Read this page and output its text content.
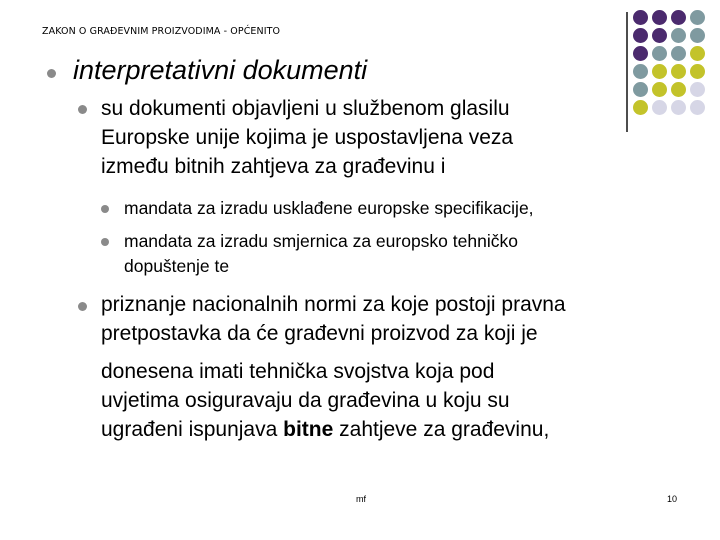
ZAKON O GRAĐEVNIM PROIZVODIMA - OPĆENITO
interpretativni dokumenti
su dokumenti objavljeni u službenom glasilu
Europske unije kojima je uspostavljena veza
između bitnih zahtjeva za građevinu i
mandata za izradu usklađene europske specifikacije,
mandata za izradu smjernica za europsko tehničko
dopuštenje te
priznanje nacionalnih normi za koje postoji pravna
pretpostavka da će građevni proizvod za koji je
donesena imati tehnička svojstva koja pod
uvjetima osiguravaju da građevina u koju su
ugrađeni ispunjava bitne zahtjeve za građevinu,
mf	10
